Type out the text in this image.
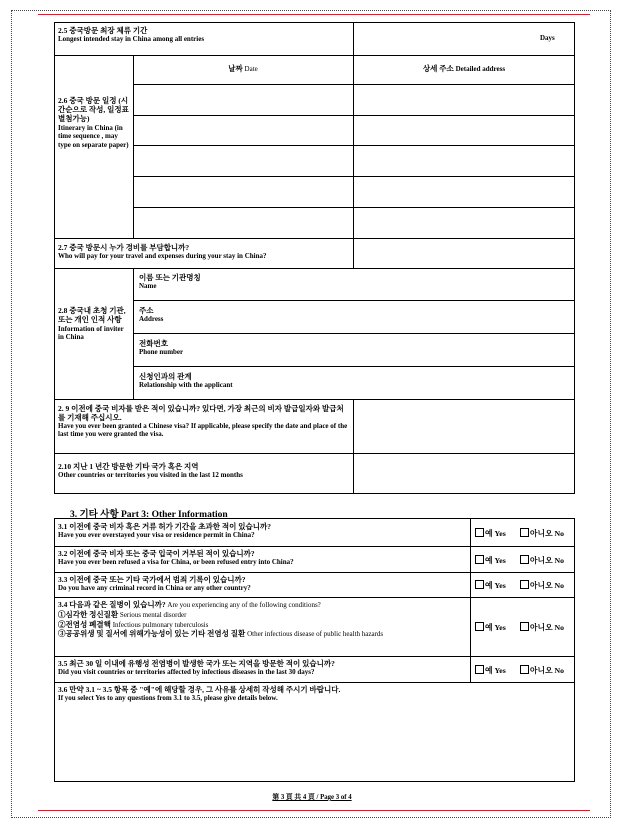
2.5 중국방문 최장 체류 기간
Longest intended stay in China among all entries	Days
2.6 중국 방문 일정 (시간순으로 작성, 일정표 별첨가능)
Itinerary in China (in time sequence , may type on separate paper)
날짜 Date	상세 주소 Detailed address
2.7 중국 방문시 누가 경비를 부담합니까?
Who will pay for your travel and expenses during your stay in China?
2.8 중국내 초청 기관, 또는 개인 인적 사항
Information of inviter in China
이름 또는 기관명칭
Name
주소
Address
전화번호
Phone number
신청인과의 관계
Relationship with the applicant
2. 9 이전에 중국 비자를 받은 적이 있습니까? 있다면, 가장 최근의 비자 발급일자와 발급처를 기재해 주십시오.
Have you ever been granted a Chinese visa? If applicable, please specify the date and place of the last time you were granted the visa.
2.10 지난 1 년간 방문한 기타 국가 혹은 지역
Other countries or territories you visited in the last 12 months
3. 기타 사항 Part 3: Other Information
3.1 이전에 중국 비자 혹은 거류 허가 기간을 초과한 적이 있습니까?
Have you ever overstayed your visa or residence permit in China?	예 Yes	아니오 No
3.2 이전에 중국 비자 또는 중국 입국이 거부된 적이 있습니까?
Have you ever been refused a visa for China, or been refused entry into China?	예 Yes	아니오 No
3.3 이전에 중국 또는 기타 국가에서 범죄 기록이 있습니까?
Do you have any criminal record in China or any other country?	예 Yes	아니오 No
3.4 다음과 같은 질병이 있습니까? Are you experiencing any of the following conditions?
①심각한 정신질환 Serious mental disorder
②전염성 폐결핵 Infectious pulmonary tuberculosis
③공공위생 및 질서에 위해가능성이 있는 기타 전염성 질환 Other infectious disease of public health hazards
예 Yes	아니오 No
3.5 최근 30 일 이내에 유행성 전염병이 발생한 국가 또는 지역을 방문한 적이 있습니까?
Did you visit countries or territories affected by infectious diseases in the last 30 days?	예 Yes	아니오 No
3.6 만약 3.1 ~ 3.5 항목 중 "예"에 해당할 경우, 그 사유를 상세히 작성해 주시기 바랍니다.
If you select Yes to any questions from 3.1 to 3.5, please give details below.
第 3 頁 共 4 頁 / Page 3 of 4
